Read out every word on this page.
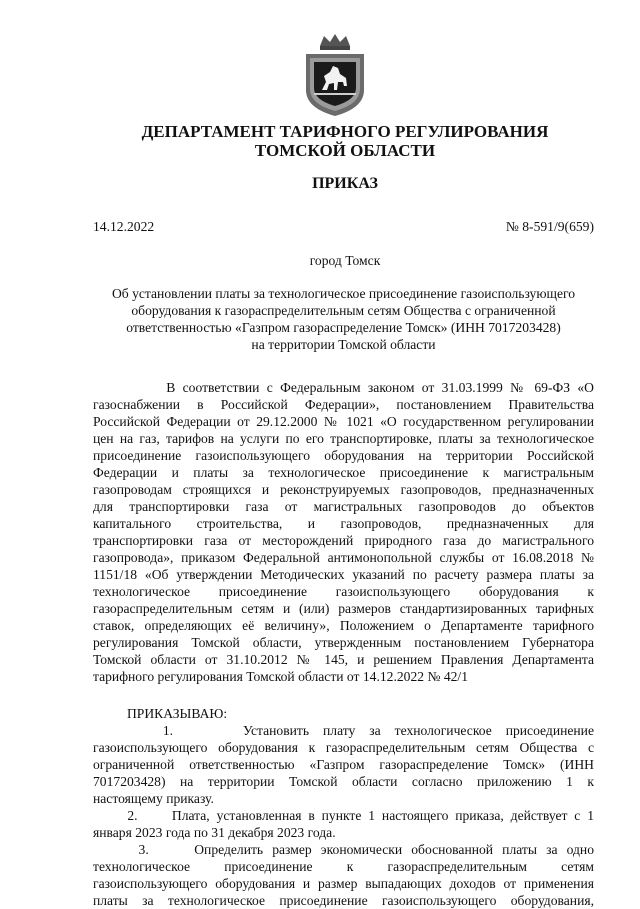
ДЕПАРТАМЕНТ ТАРИФНОГО РЕГУЛИРОВАНИЯ
ТОМСКОЙ ОБЛАСТИ
ПРИКАЗ
14.12.2022	№ 8-591/9(659)
город Томск
Об установлении платы за технологическое присоединение газоиспользующего
оборудования к газораспределительным сетям Общества с ограниченной
ответственностью «Газпром газораспределение Томск» (ИНН 7017203428)
на территории Томской области
В соответствии с Федеральным законом от 31.03.1999 № 69-ФЗ «О
газоснабжении в Российской Федерации», постановлением Правительства
Российской Федерации от 29.12.2000 № 1021 «О государственном регулировании
цен на газ, тарифов на услуги по его транспортировке, платы за технологическое
присоединение газоиспользующего оборудования на территории Российской
Федерации и платы за технологическое присоединение к магистральным
газопроводам строящихся и реконструируемых газопроводов, предназначенных
для транспортировки газа от магистральных газопроводов до объектов
капитального строительства, и газопроводов, предназначенных для
транспортировки газа от месторождений природного газа до магистрального
газопровода», приказом Федеральной антимонопольной службы от 16.08.2018 №
1151/18 «Об утверждении Методических указаний по расчету размера платы за
технологическое присоединение газоиспользующего оборудования к
газораспределительным сетям и (или) размеров стандартизированных тарифных
ставок, определяющих её величину», Положением о Департаменте тарифного
регулирования Томской области, утвержденным постановлением Губернатора
Томской области от 31.10.2012 № 145, и решением Правления Департамента
тарифного регулирования Томской области от 14.12.2022 № 42/1
ПРИКАЗЫВАЮ:
1.     Установить плату за технологическое присоединение
газоиспользующего оборудования к газораспределительным сетям Общества с
ограниченной ответственностью «Газпром газораспределение Томск» (ИНН
7017203428) на территории Томской области согласно приложению 1 к
настоящему приказу.
2.     Плата, установленная в пункте 1 настоящего приказа, действует с 1
января 2023 года по 31 декабря 2023 года.
3.     Определить размер экономически обоснованной платы за одно
технологическое присоединение к газораспределительным сетям
газоиспользующего оборудования и размер выпадающих доходов от применения
платы за технологическое присоединение газоиспользующего оборудования,
